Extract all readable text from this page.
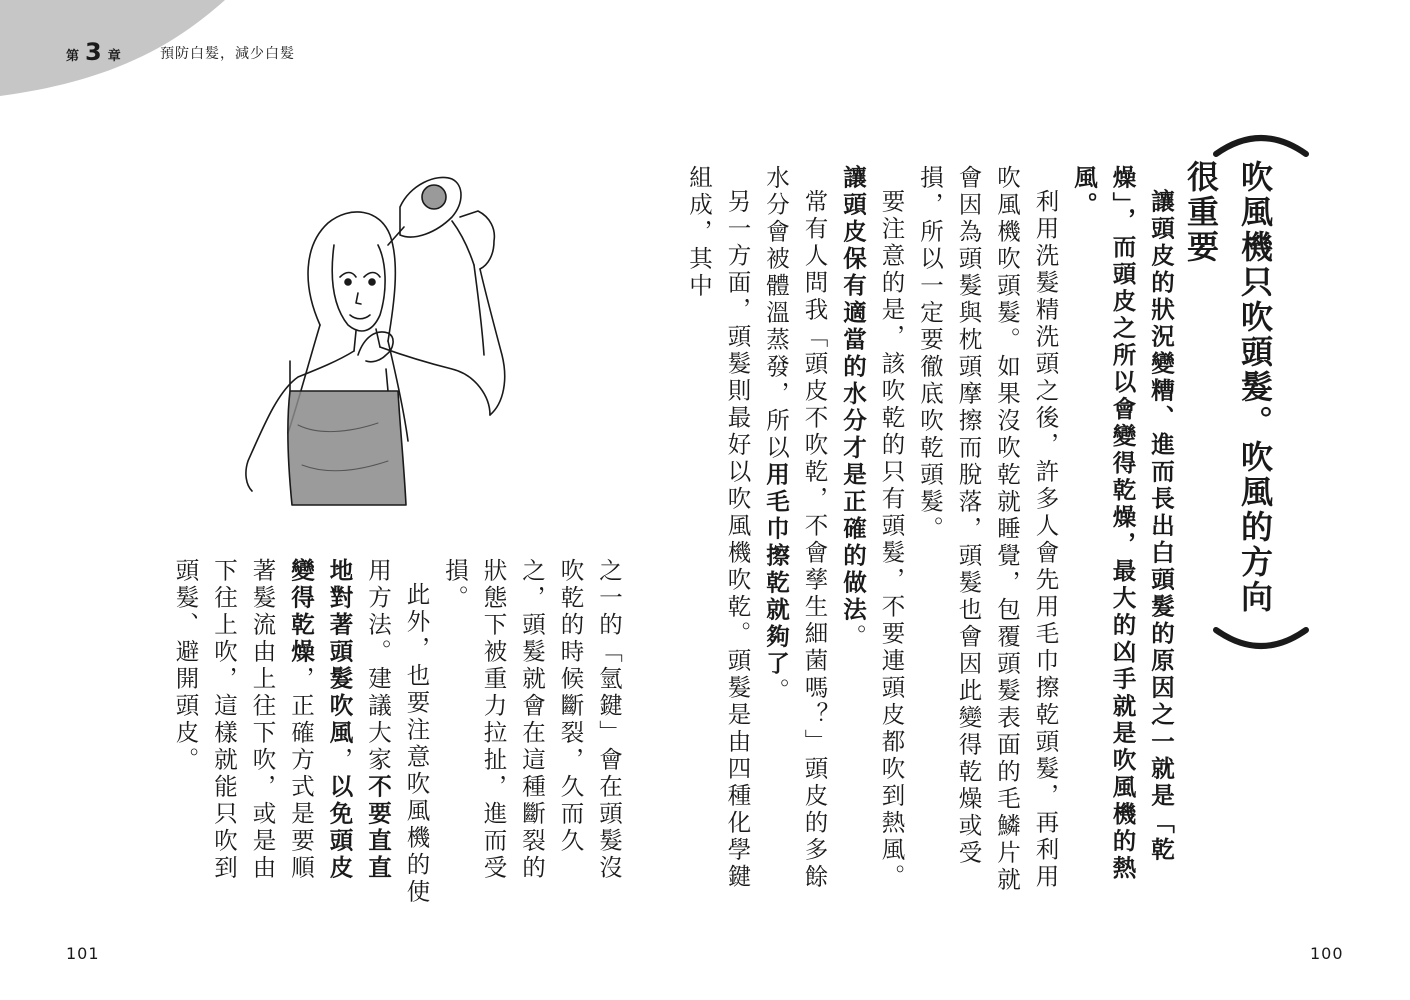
第 3 章	預防白髮，減少白髮
吹風機只吹頭髮。吹風的方向很重要

讓頭皮的狀況變糟、進而長出白頭髮的原因之一就是「乾燥」，而頭皮之所以會變得乾燥，最大的凶手就是吹風機的熱風。

利用洗髮精洗頭之後，許多人會先用毛巾擦乾頭髮，再利用吹風機吹頭髮。如果沒吹乾就睡覺，包覆頭髮表面的毛鱗片就會因為頭髮與枕頭摩擦而脫落，頭髮也會因此變得乾燥或受損，所以一定要徹底吹乾頭髮。

要注意的是，該吹乾的只有頭髮，不要連頭皮都吹到熱風。讓頭皮保有適當的水分才是正確的做法。

常有人問我「頭皮不吹乾，不會孳生細菌嗎？」頭皮的多餘水分會被體溫蒸發，所以用毛巾擦乾就夠了。

另一方面，頭髮則最好以吹風機吹乾。頭髮是由四種化學鍵組成，其中

之一的「氫鍵」會在頭髮沒吹乾的時候斷裂，久而久之，頭髮就會在這種斷裂的狀態下被重力拉扯，進而受損。

此外，也要注意吹風機的使用方法。建議大家不要直直地對著頭髮吹風，以免頭皮變得乾燥，正確方式是要順著髮流由上往下吹，或是由下往上吹，這樣就能只吹到頭髮、避開頭皮。

101	100
